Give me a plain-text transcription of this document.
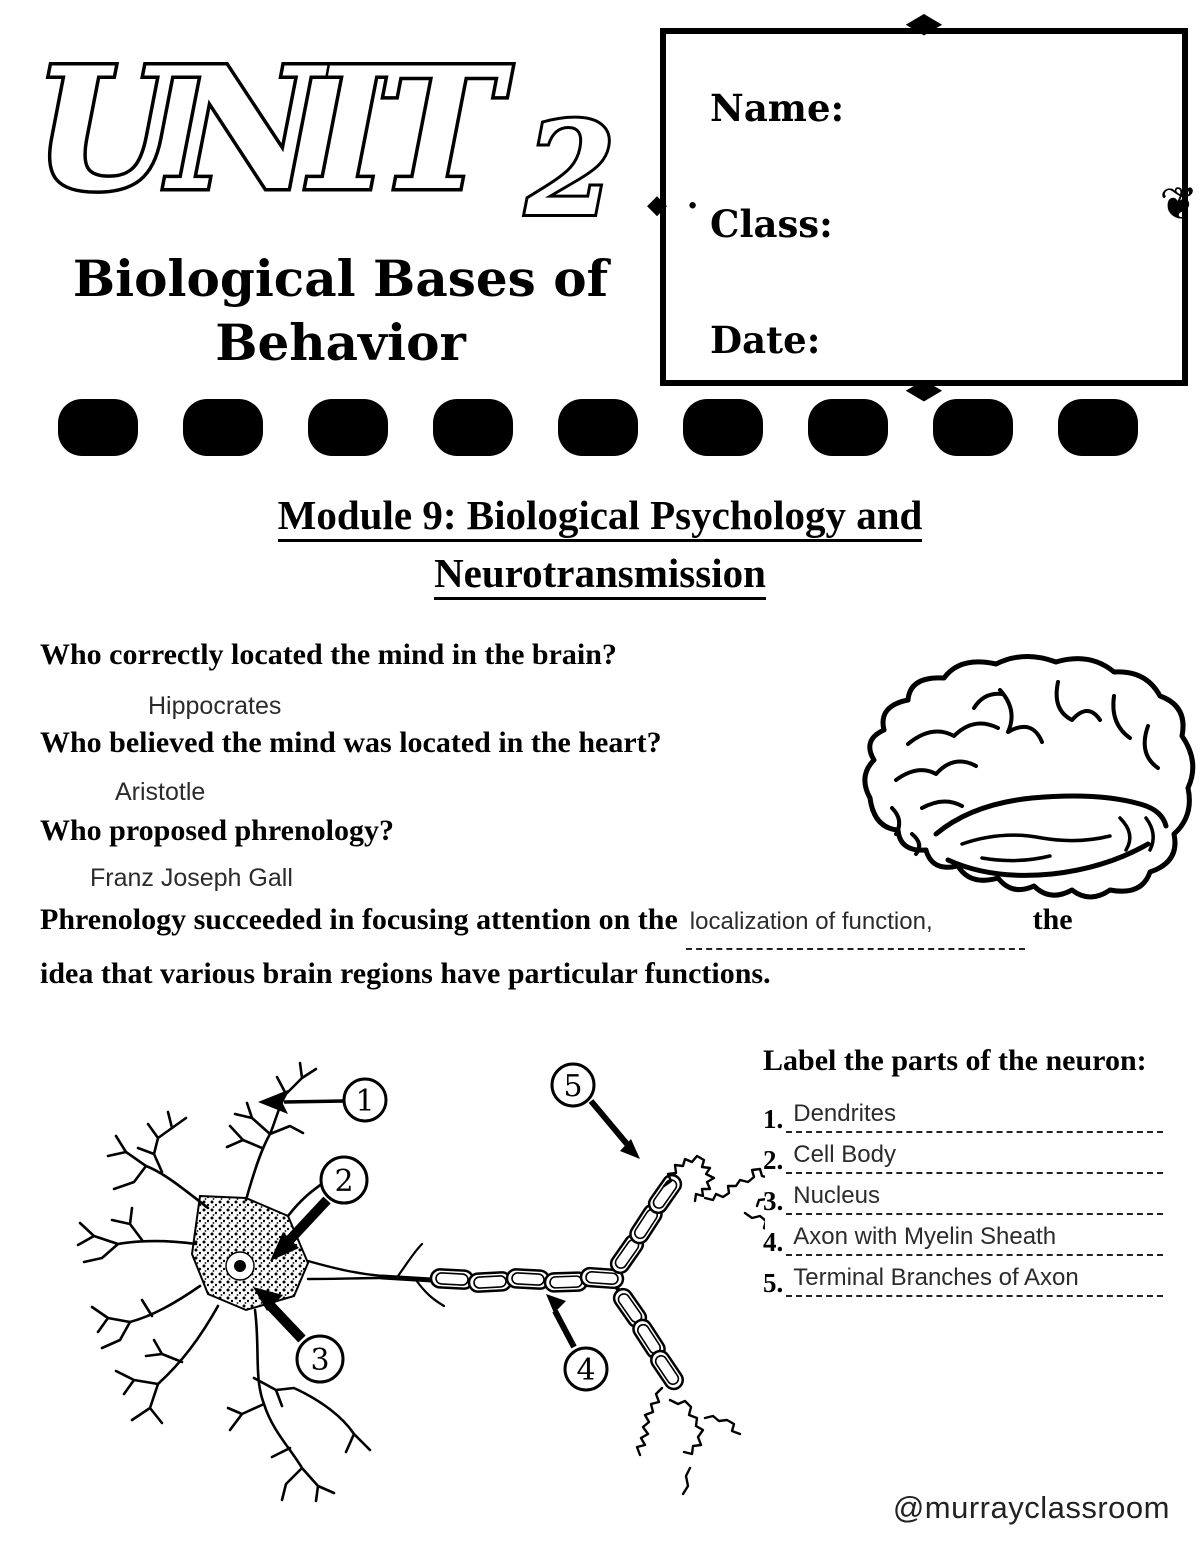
UNIT 2
Biological Bases of
Behavior
Name:
Class:
Date:
◆
◆
◆ ●	❦
Module 9: Biological Psychology and
Neurotransmission
Who correctly located the mind in the brain?
Hippocrates
Who believed the mind was located in the heart?
Aristotle
Who proposed phrenology?
Franz Joseph Gall
Phrenology succeeded in focusing attention on the localization of function,	the
idea that various brain regions have particular functions.
1
2
3	4
5
Label the parts of the neuron:
1. Dendrites
2. Cell Body
3. Nucleus
4. Axon with Myelin Sheath
5. Terminal Branches of Axon
@murrayclassroom
